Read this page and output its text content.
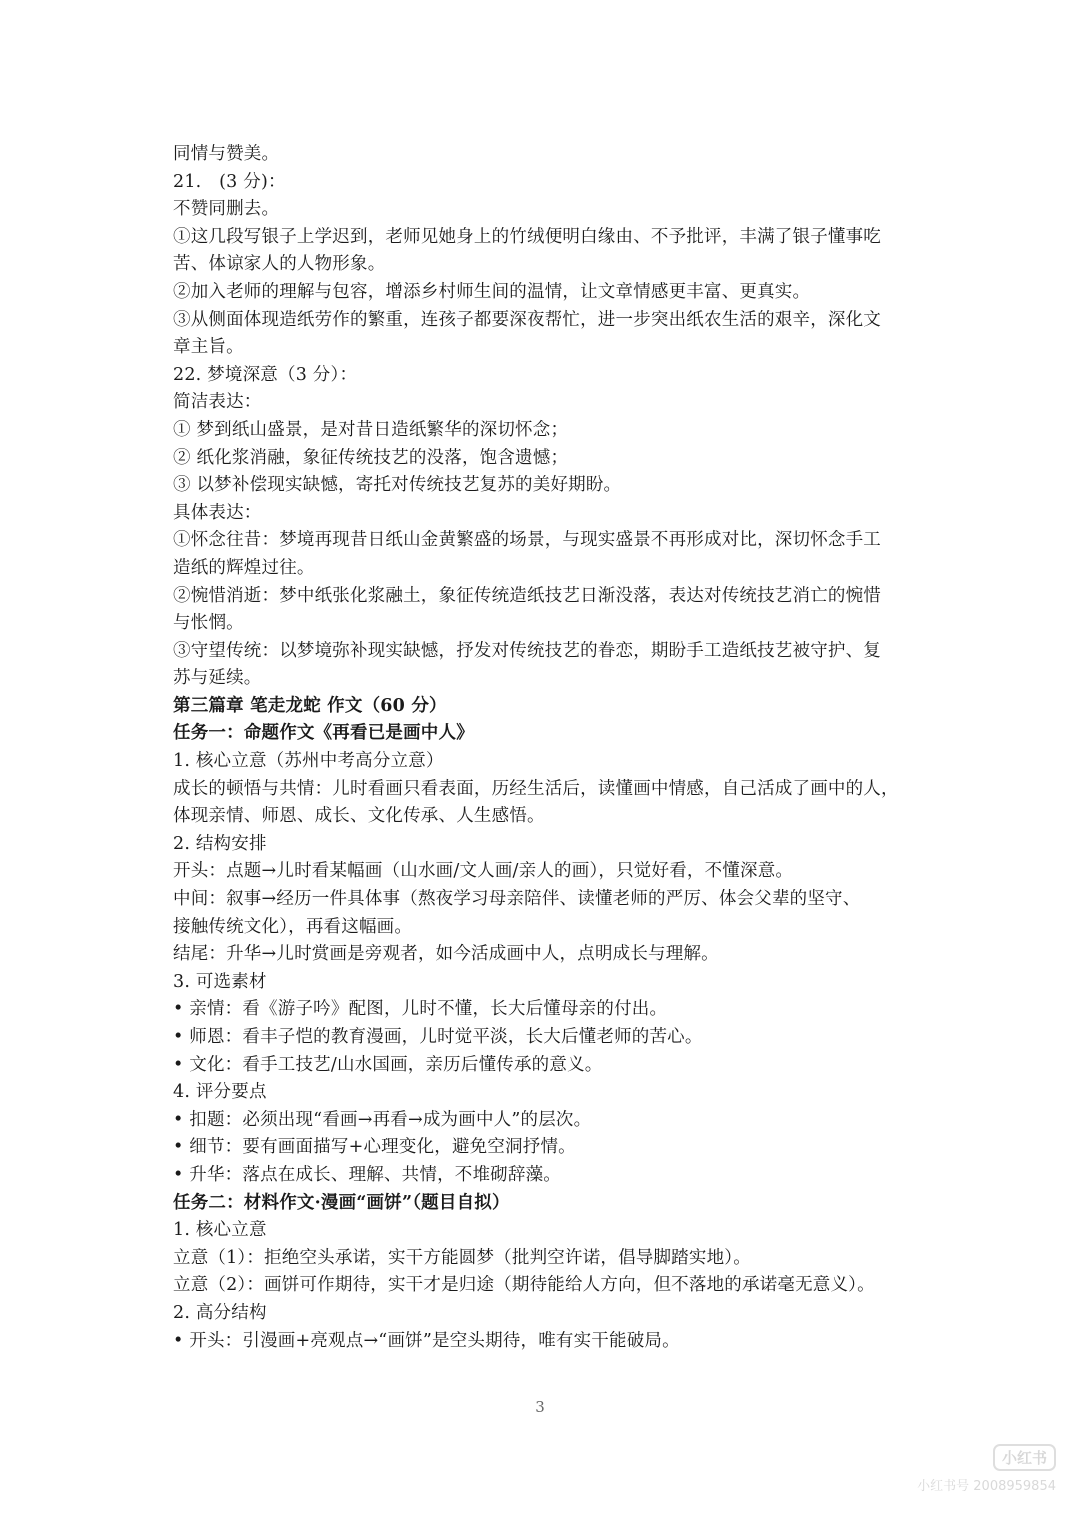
同情与赞美。
21.　(3 分)：
不赞同删去。
①这几段写银子上学迟到，老师见她身上的竹绒便明白缘由、不予批评，丰满了银子懂事吃
苦、体谅家人的人物形象。
②加入老师的理解与包容，增添乡村师生间的温情，让文章情感更丰富、更真实。
③从侧面体现造纸劳作的繁重，连孩子都要深夜帮忙，进一步突出纸农生活的艰辛，深化文
章主旨。
22. 梦境深意（3 分）：
简洁表达：
① 梦到纸山盛景，是对昔日造纸繁华的深切怀念；
② 纸化浆消融，象征传统技艺的没落，饱含遗憾；
③ 以梦补偿现实缺憾，寄托对传统技艺复苏的美好期盼。
具体表达：
①怀念往昔：梦境再现昔日纸山金黄繁盛的场景，与现实盛景不再形成对比，深切怀念手工
造纸的辉煌过往。
②惋惜消逝：梦中纸张化浆融土，象征传统造纸技艺日渐没落，表达对传统技艺消亡的惋惜
与怅惘。
③守望传统：以梦境弥补现实缺憾，抒发对传统技艺的眷恋，期盼手工造纸技艺被守护、复
苏与延续。
第三篇章 笔走龙蛇 作文（60 分）
任务一：命题作文《再看已是画中人》
1. 核心立意（苏州中考高分立意）
成长的顿悟与共情：儿时看画只看表面，历经生活后，读懂画中情感，自己活成了画中的人，
体现亲情、师恩、成长、文化传承、人生感悟。
2. 结构安排
开头：点题→儿时看某幅画（山水画/文人画/亲人的画），只觉好看，不懂深意。
中间：叙事→经历一件具体事（熬夜学习母亲陪伴、读懂老师的严厉、体会父辈的坚守、
接触传统文化），再看这幅画。
结尾：升华→儿时赏画是旁观者，如今活成画中人，点明成长与理解。
3. 可选素材
• 亲情：看《游子吟》配图，儿时不懂，长大后懂母亲的付出。
• 师恩：看丰子恺的教育漫画，儿时觉平淡，长大后懂老师的苦心。
• 文化：看手工技艺/山水国画，亲历后懂传承的意义。
4. 评分要点
• 扣题：必须出现“看画→再看→成为画中人”的层次。
• 细节：要有画面描写+心理变化，避免空洞抒情。
• 升华：落点在成长、理解、共情，不堆砌辞藻。
任务二：材料作文·漫画“画饼”（题目自拟）
1. 核心立意
立意（1）：拒绝空头承诺，实干方能圆梦（批判空许诺，倡导脚踏实地）。
立意（2）：画饼可作期待，实干才是归途（期待能给人方向，但不落地的承诺毫无意义）。
2. 高分结构
• 开头：引漫画+亮观点→“画饼”是空头期待，唯有实干能破局。
3
小红书
小红书号 2008959854
